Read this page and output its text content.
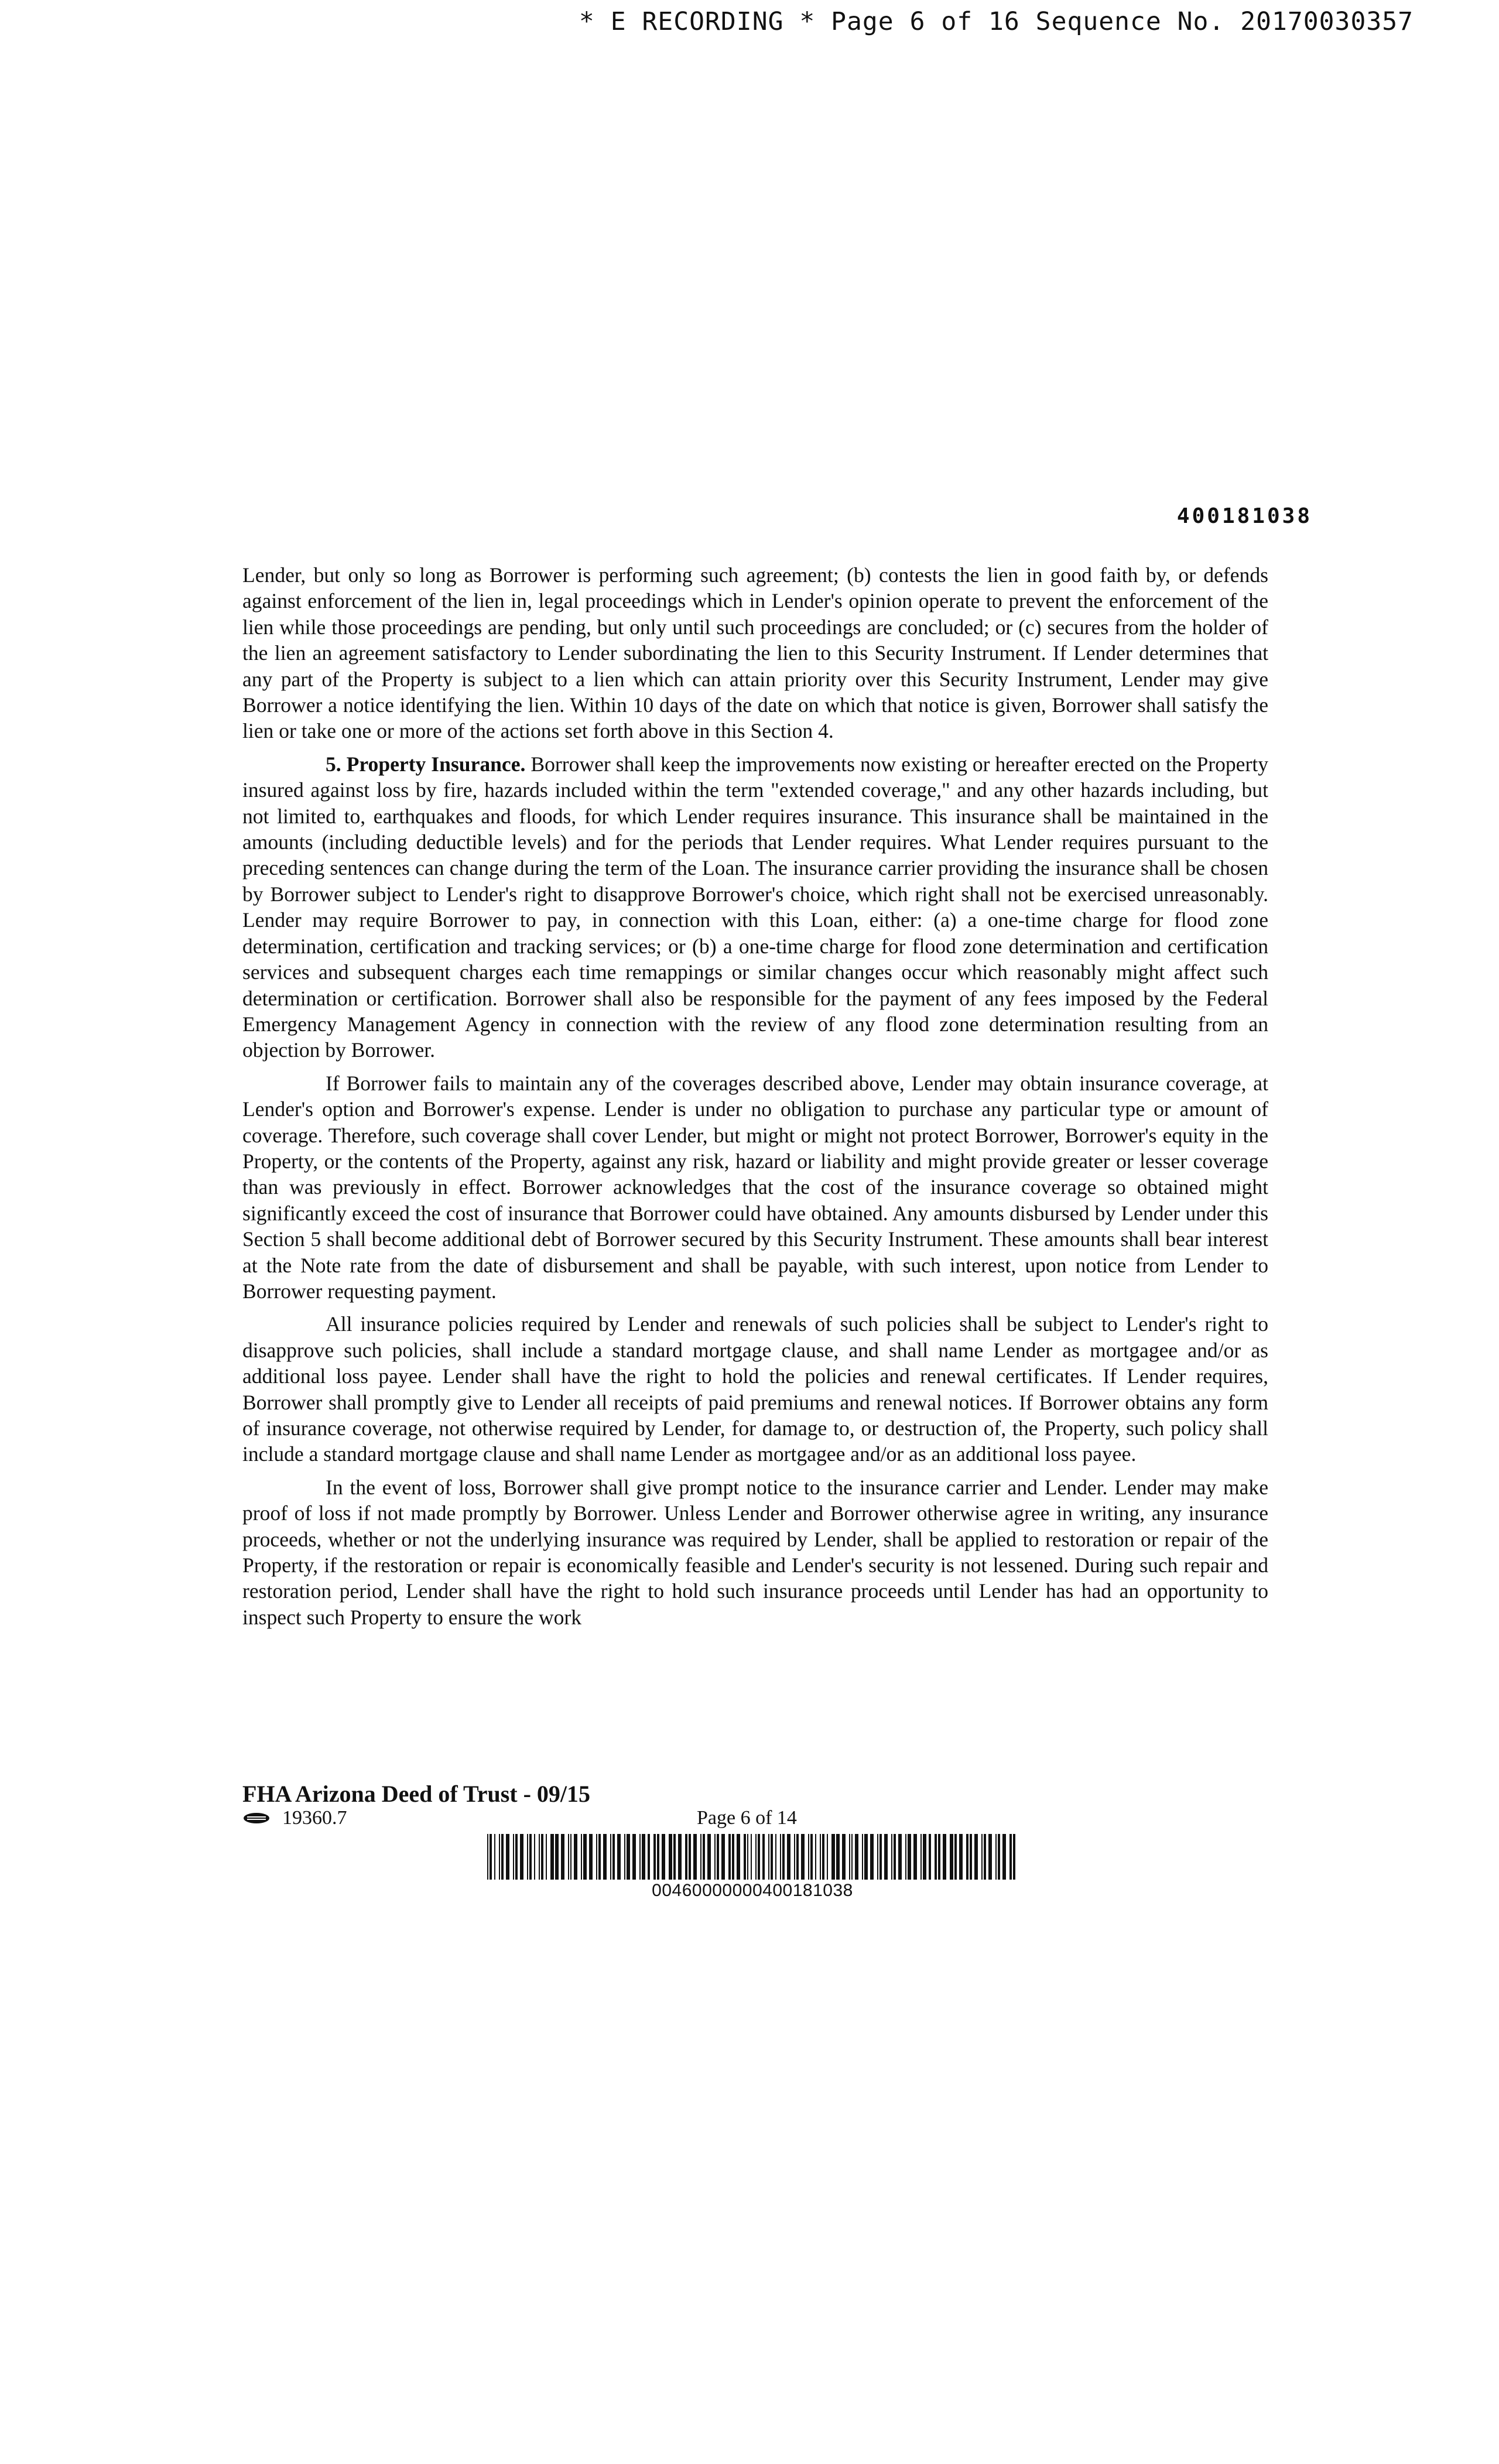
* E RECORDING * Page 6 of 16 Sequence No. 20170030357
400181038

Lender, but only so long as Borrower is performing such agreement; (b) contests the lien in good faith by, or defends against enforcement of the lien in, legal proceedings which in Lender's opinion operate to prevent the enforcement of the lien while those proceedings are pending, but only until such proceedings are concluded; or (c) secures from the holder of the lien an agreement satisfactory to Lender subordinating the lien to this Security Instrument. If Lender determines that any part of the Property is subject to a lien which can attain priority over this Security Instrument, Lender may give Borrower a notice identifying the lien. Within 10 days of the date on which that notice is given, Borrower shall satisfy the lien or take one or more of the actions set forth above in this Section 4.

5. Property Insurance. Borrower shall keep the improvements now existing or hereafter erected on the Property insured against loss by fire, hazards included within the term "extended coverage," and any other hazards including, but not limited to, earthquakes and floods, for which Lender requires insurance. This insurance shall be maintained in the amounts (including deductible levels) and for the periods that Lender requires. What Lender requires pursuant to the preceding sentences can change during the term of the Loan. The insurance carrier providing the insurance shall be chosen by Borrower subject to Lender's right to disapprove Borrower's choice, which right shall not be exercised unreasonably. Lender may require Borrower to pay, in connection with this Loan, either: (a) a one-time charge for flood zone determination, certification and tracking services; or (b) a one-time charge for flood zone determination and certification services and subsequent charges each time remappings or similar changes occur which reasonably might affect such determination or certification. Borrower shall also be responsible for the payment of any fees imposed by the Federal Emergency Management Agency in connection with the review of any flood zone determination resulting from an objection by Borrower.

If Borrower fails to maintain any of the coverages described above, Lender may obtain insurance coverage, at Lender's option and Borrower's expense. Lender is under no obligation to purchase any particular type or amount of coverage. Therefore, such coverage shall cover Lender, but might or might not protect Borrower, Borrower's equity in the Property, or the contents of the Property, against any risk, hazard or liability and might provide greater or lesser coverage than was previously in effect. Borrower acknowledges that the cost of the insurance coverage so obtained might significantly exceed the cost of insurance that Borrower could have obtained. Any amounts disbursed by Lender under this Section 5 shall become additional debt of Borrower secured by this Security Instrument. These amounts shall bear interest at the Note rate from the date of disbursement and shall be payable, with such interest, upon notice from Lender to Borrower requesting payment.

All insurance policies required by Lender and renewals of such policies shall be subject to Lender's right to disapprove such policies, shall include a standard mortgage clause, and shall name Lender as mortgagee and/or as additional loss payee. Lender shall have the right to hold the policies and renewal certificates. If Lender requires, Borrower shall promptly give to Lender all receipts of paid premiums and renewal notices. If Borrower obtains any form of insurance coverage, not otherwise required by Lender, for damage to, or destruction of, the Property, such policy shall include a standard mortgage clause and shall name Lender as mortgagee and/or as an additional loss payee.

In the event of loss, Borrower shall give prompt notice to the insurance carrier and Lender. Lender may make proof of loss if not made promptly by Borrower. Unless Lender and Borrower otherwise agree in writing, any insurance proceeds, whether or not the underlying insurance was required by Lender, shall be applied to restoration or repair of the Property, if the restoration or repair is economically feasible and Lender's security is not lessened. During such repair and restoration period, Lender shall have the right to hold such insurance proceeds until Lender has had an opportunity to inspect such Property to ensure the work

FHA Arizona Deed of Trust - 09/15
19360.7	Page 6 of 14
00460000000400181038
